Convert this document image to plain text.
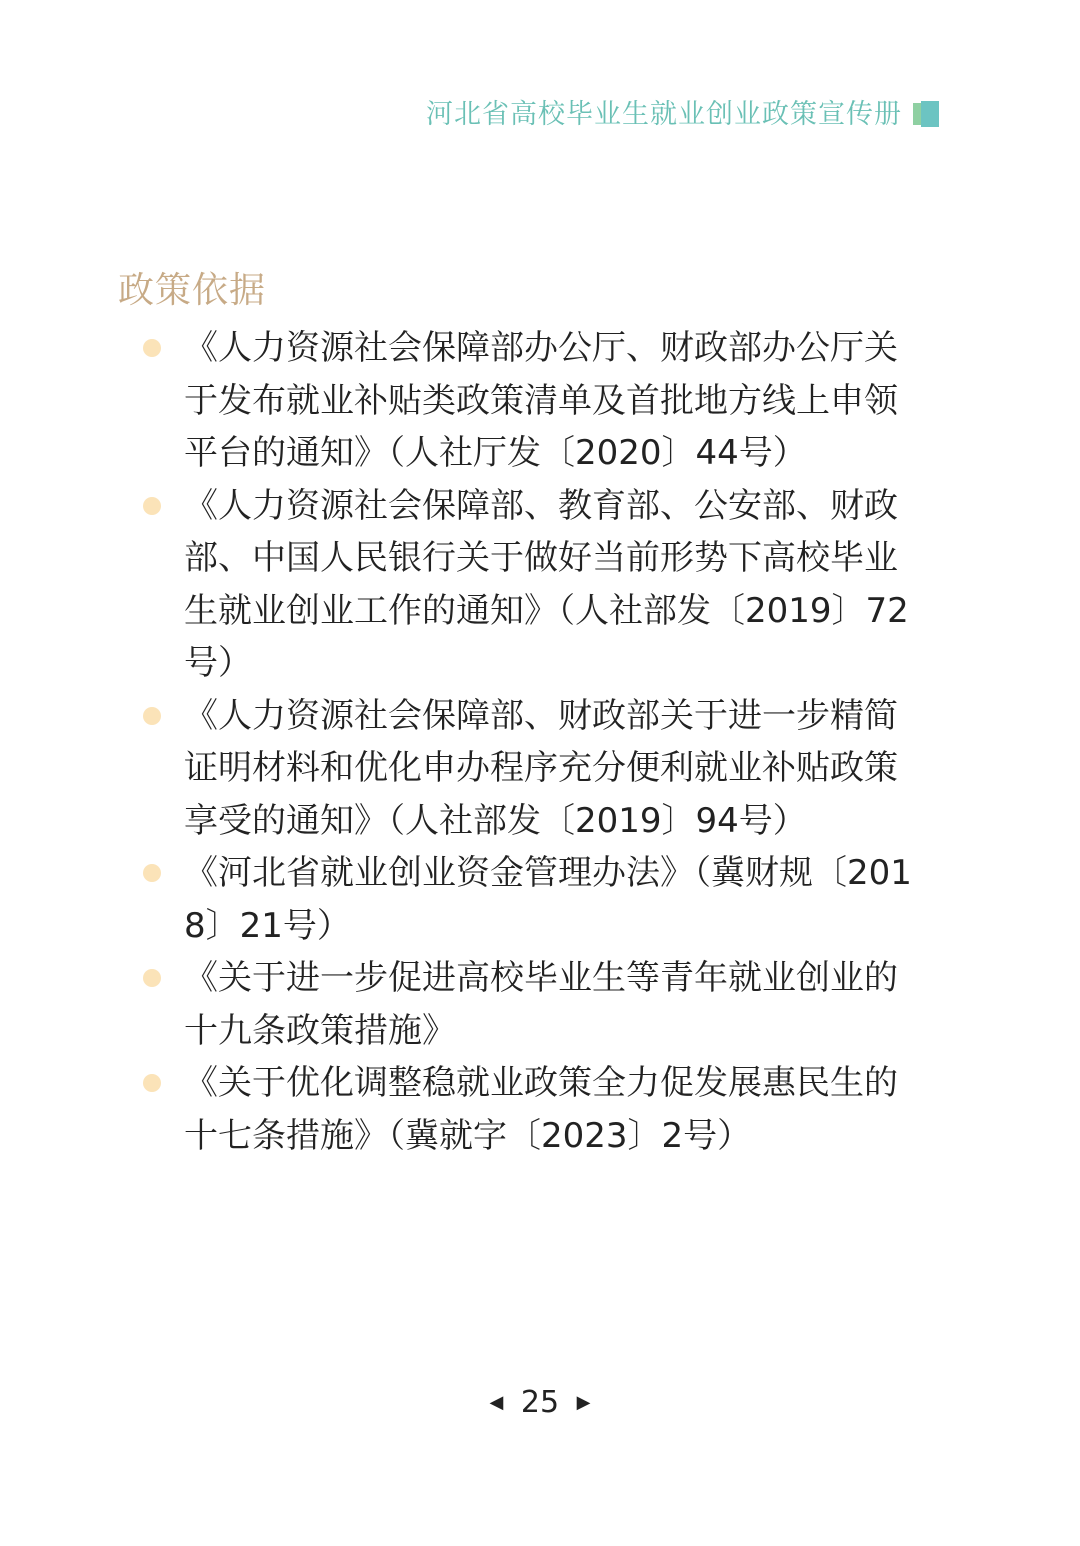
河北省高校毕业生就业创业政策宣传册
政策依据
《人力资源社会保障部办公厅、财政部办公厅关于发布就业补贴类政策清单及首批地方线上申领平台的通知》（人社厅发〔2020〕44号）
《人力资源社会保障部、教育部、公安部、财政部、中国人民银行关于做好当前形势下高校毕业生就业创业工作的通知》（人社部发〔2019〕72号）
《人力资源社会保障部、财政部关于进一步精简证明材料和优化申办程序充分便利就业补贴政策享受的通知》（人社部发〔2019〕94号）
《河北省就业创业资金管理办法》（冀财规〔2018〕21号）
《关于进一步促进高校毕业生等青年就业创业的十九条政策措施》
《关于优化调整稳就业政策全力促发展惠民生的十七条措施》（冀就字〔2023〕2号）
◀ 25 ▶
